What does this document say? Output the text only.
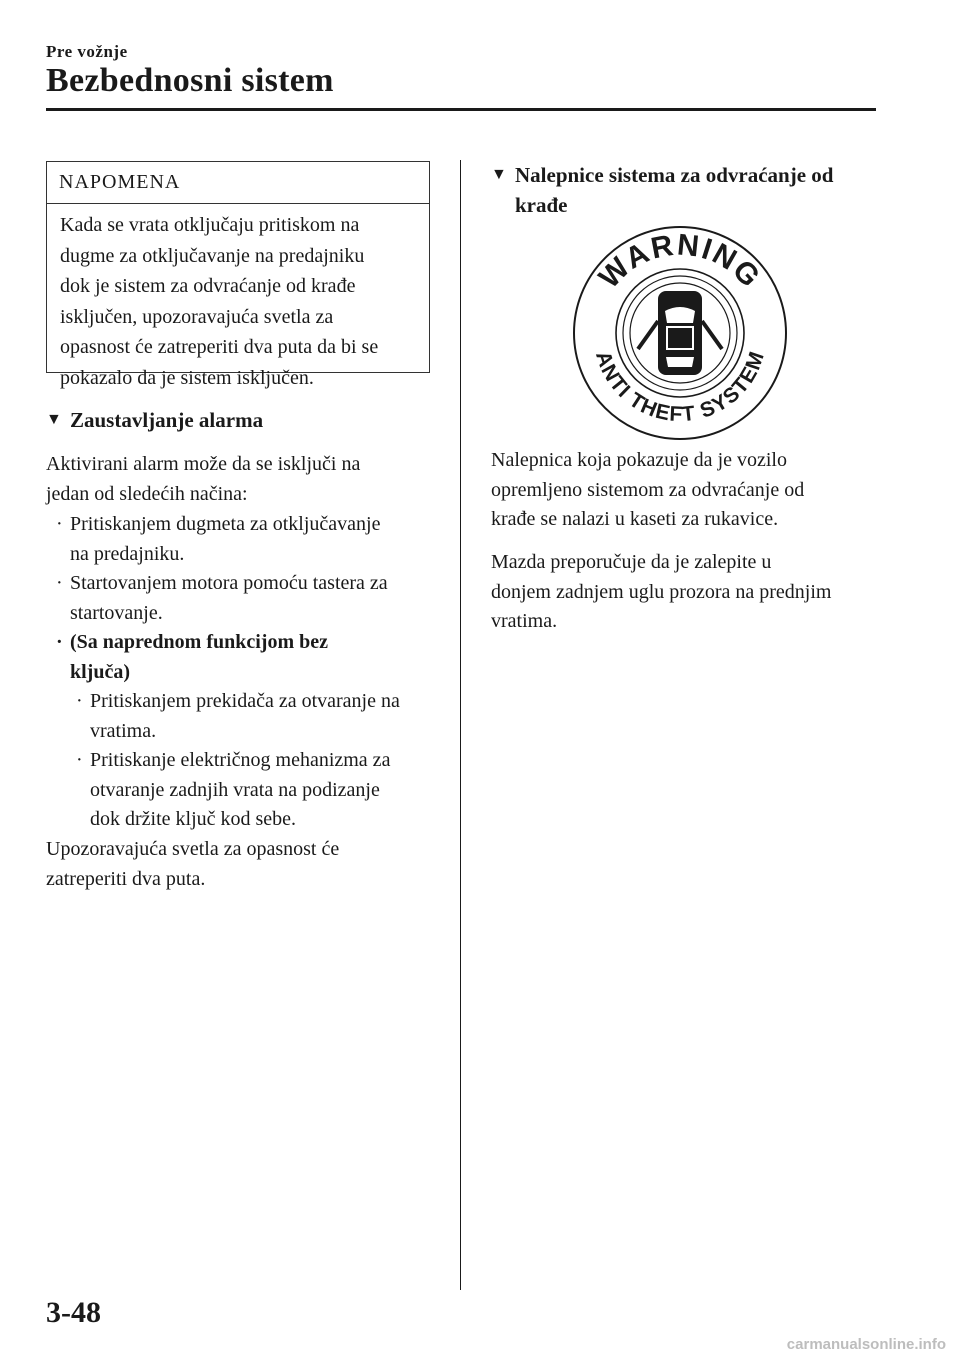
Pre vožnje
Bezbednosni sistem
NAPOMENA
Kada se vrata otključaju pritiskom na
dugme za otključavanje na predajniku
dok je sistem za odvraćanje od krađe
isključen, upozoravajuća svetla za
opasnost će zatreperiti dva puta da bi se
pokazalo da je sistem isključen.
▼ Zaustavljanje alarma
Aktivirani alarm može da se isključi na
jedan od sledećih načina:
· Pritiskanjem dugmeta za otključavanje
na predajniku.
· Startovanjem motora pomoću tastera za
startovanje.
· (Sa naprednom funkcijom bez
ključa)
· Pritiskanjem prekidača za otvaranje na
vratima.
· Pritiskanje električnog mehanizma za
otvaranje zadnjih vrata na podizanje
dok držite ključ kod sebe.
Upozoravajuća svetla za opasnost će
zatreperiti dva puta.
▼ Nalepnice sistema za odvraćanje od
krađe
WARNING
ANTI THEFT SYSTEM
Nalepnica koja pokazuje da je vozilo
opremljeno sistemom za odvraćanje od
krađe se nalazi u kaseti za rukavice.
Mazda preporučuje da je zalepite u
donjem zadnjem uglu prozora na prednjim
vratima.
3-48
carmanualsonline.info
